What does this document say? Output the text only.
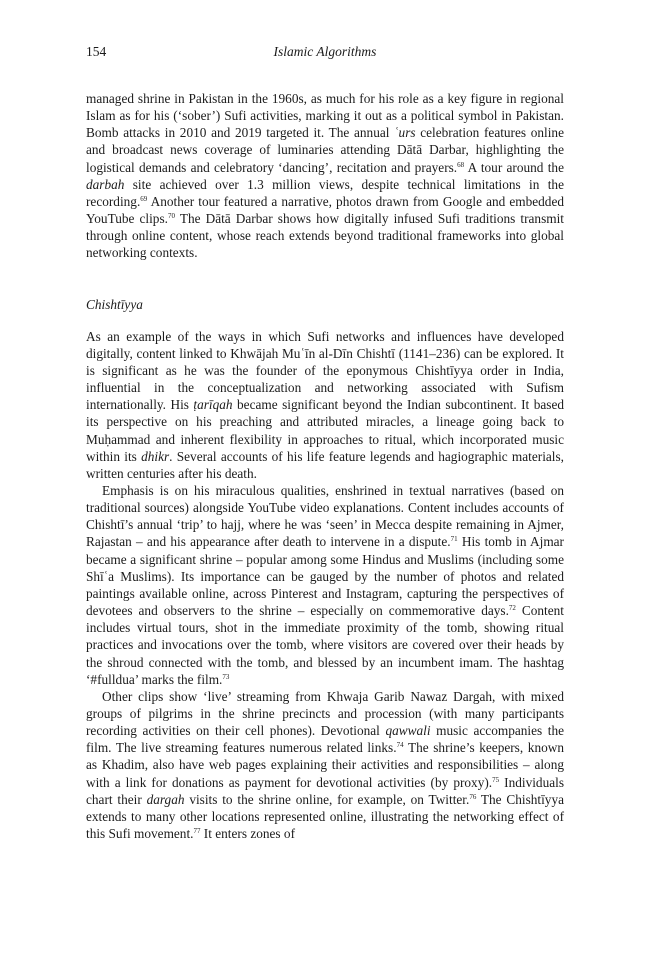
154	Islamic Algorithms

managed shrine in Pakistan in the 1960s, as much for his role as a key figure in regional Islam as for his (‘sober’) Sufi activities, marking it out as a political symbol in Pakistan. Bomb attacks in 2010 and 2019 targeted it. The annual ʿurs celebration features online and broadcast news coverage of luminaries attending Dātā Darbar, highlighting the logistical demands and celebratory ‘dancing’, recitation and prayers.$^{68}$ A tour around the darbah site achieved over 1.3 million views, despite technical limitations in the recording.$^{69}$ Another tour featured a narrative, photos drawn from Google and embedded YouTube clips.$^{70}$ The Dātā Darbar shows how digitally infused Sufi traditions transmit through online content, whose reach extends beyond traditional frameworks into global networking contexts.

Chishtīyya

As an example of the ways in which Sufi networks and influences have developed digitally, content linked to Khwājah Muʿīn al-Dīn Chishtī (1141–236) can be explored. It is significant as he was the founder of the eponymous Chishtīyya order in India, influential in the conceptualization and networking associated with Sufism internationally. His ṭarīqah became significant beyond the Indian subcontinent. It based its perspective on his preaching and attributed miracles, a lineage going back to Muḥammad and inherent flexibility in approaches to ritual, which incorporated music within its dhikr. Several accounts of his life feature legends and hagiographic materials, written centuries after his death.

Emphasis is on his miraculous qualities, enshrined in textual narratives (based on traditional sources) alongside YouTube video explanations. Content includes accounts of Chishtī’s annual ‘trip’ to hajj, where he was ‘seen’ in Mecca despite remaining in Ajmer, Rajastan – and his appearance after death to intervene in a dispute.$^{71}$ His tomb in Ajmar became a significant shrine – popular among some Hindus and Muslims (including some Shīʿa Muslims). Its importance can be gauged by the number of photos and related paintings available online, across Pinterest and Instagram, capturing the perspectives of devotees and observers to the shrine – especially on commemorative days.$^{72}$ Content includes virtual tours, shot in the immediate proximity of the tomb, showing ritual practices and invocations over the tomb, where visitors are covered over their heads by the shroud connected with the tomb, and blessed by an incumbent imam. The hashtag ‘#fulldua’ marks the film.$^{73}$

Other clips show ‘live’ streaming from Khwaja Garib Nawaz Dargah, with mixed groups of pilgrims in the shrine precincts and procession (with many participants recording activities on their cell phones). Devotional qawwali music accompanies the film. The live streaming features numerous related links.$^{74}$ The shrine’s keepers, known as Khadim, also have web pages explaining their activities and responsibilities – along with a link for donations as payment for devotional activities (by proxy).$^{75}$ Individuals chart their dargah visits to the shrine online, for example, on Twitter.$^{76}$ The Chishtīyya extends to many other locations represented online, illustrating the networking effect of this Sufi movement.$^{77}$ It enters zones of
